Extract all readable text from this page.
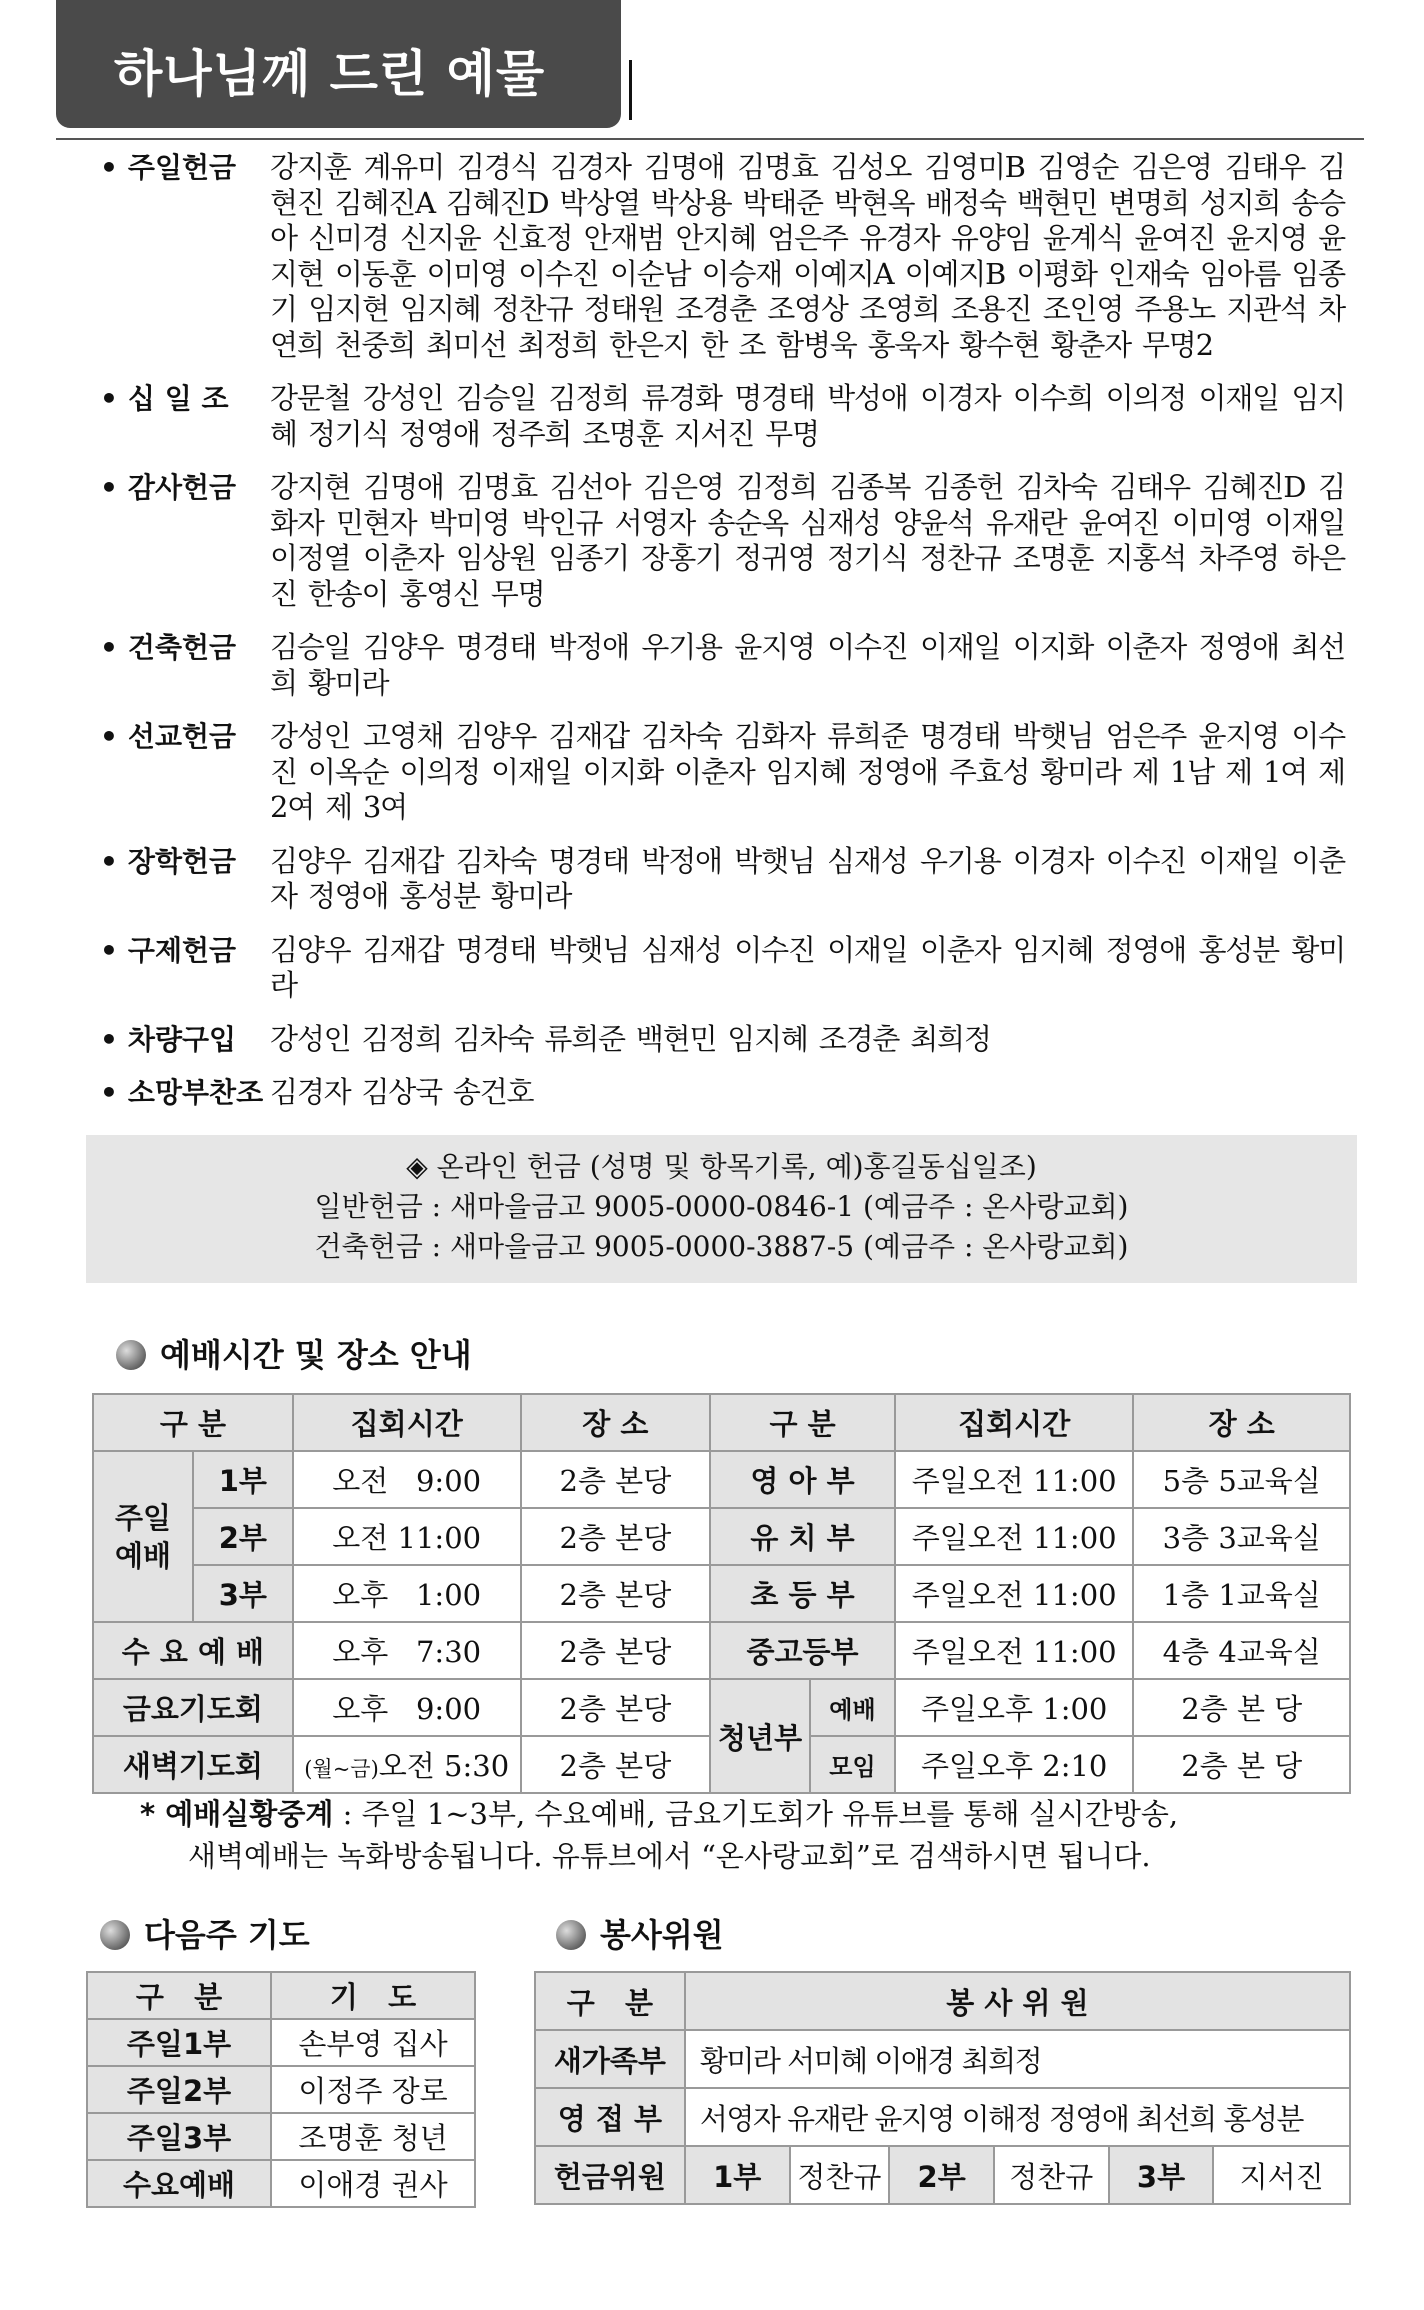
하나님께 드린 예물
• 주일헌금	강지훈 계유미 김경식 김경자 김명애 김명효 김성오 김영미B 김영순 김은영 김태우 김현진 김혜진A 김혜진D 박상열 박상용 박태준 박현옥 배정숙 백현민 변명희 성지희 송승아 신미경 신지윤 신효정 안재범 안지혜 엄은주 유경자 유양임 윤계식 윤여진 윤지영 윤지현 이동훈 이미영 이수진 이순남 이승재 이예지A 이예지B 이평화 인재숙 임아름 임종기 임지현 임지혜 정찬규 정태원 조경춘 조영상 조영희 조용진 조인영 주용노 지관석 차연희 천중희 최미선 최정희 한은지 한 조 함병욱 홍욱자 황수현 황춘자 무명2
• 십 일 조	강문철 강성인 김승일 김정희 류경화 명경태 박성애 이경자 이수희 이의정 이재일 임지혜 정기식 정영애 정주희 조명훈 지서진 무명
• 감사헌금	강지현 김명애 김명효 김선아 김은영 김정희 김종복 김종헌 김차숙 김태우 김혜진D 김화자 민현자 박미영 박인규 서영자 송순옥 심재성 양윤석 유재란 윤여진 이미영 이재일 이정열 이춘자 임상원 임종기 장홍기 정귀영 정기식 정찬규 조명훈 지홍석 차주영 하은진 한송이 홍영신 무명
• 건축헌금	김승일 김양우 명경태 박정애 우기용 윤지영 이수진 이재일 이지화 이춘자 정영애 최선희 황미라
• 선교헌금	강성인 고영채 김양우 김재갑 김차숙 김화자 류희준 명경태 박햇님 엄은주 윤지영 이수진 이옥순 이의정 이재일 이지화 이춘자 임지혜 정영애 주효성 황미라 제 1남 제 1여 제 2여 제 3여
• 장학헌금	김양우 김재갑 김차숙 명경태 박정애 박햇님 심재성 우기용 이경자 이수진 이재일 이춘자 정영애 홍성분 황미라
• 구제헌금	김양우 김재갑 명경태 박햇님 심재성 이수진 이재일 이춘자 임지혜 정영애 홍성분 황미라
• 차량구입	강성인 김정희 김차숙 류희준 백현민 임지혜 조경춘 최희정
• 소망부찬조 김경자 김상국 송건호
◈ 온라인 헌금 (성명 및 항목기록, 예)홍길동십일조)
일반헌금 : 새마을금고 9005-0000-0846-1 (예금주 : 온사랑교회)
건축헌금 : 새마을금고 9005-0000-3887-5 (예금주 : 온사랑교회)
예배시간 및 장소 안내
구 분		집회시간	장 소	구 분		집회시간	장 소
주일
예배	1부	오전   9:00	2층 본당	영 아 부		주일오전 11:00	5층 5교육실
	2부	오전 11:00	2층 본당	유 치 부		주일오전 11:00	3층 3교육실
	3부	오후   1:00	2층 본당	초 등 부		주일오전 11:00	1층 1교육실
수 요 예 배		오후   7:30	2층 본당	중고등부		주일오전 11:00	4층 4교육실
금요기도회		오후   9:00	2층 본당	청년부	예배	주일오후 1:00	2층 본 당
새벽기도회		(월~금)오전 5:30	2층 본당		모임	주일오후 2:10	2층 본 당
* 예배실황중계 : 주일 1~3부, 수요예배, 금요기도회가 유튜브를 통해 실시간방송,
새벽예배는 녹화방송됩니다. 유튜브에서 “온사랑교회”로 검색하시면 됩니다.
다음주 기도	봉사위원
구   분	기   도
주일1부	손부영 집사
주일2부	이정주 장로
주일3부	조명훈 청년
수요예배	이애경 권사
구   분	봉 사 위 원					
새가족부	황미라 서미혜 이애경 최희정					
영 접 부	서영자 유재란 윤지영 이해정 정영애 최선희 홍성분					
헌금위원	1부	정찬규	2부	정찬규	3부	지서진
